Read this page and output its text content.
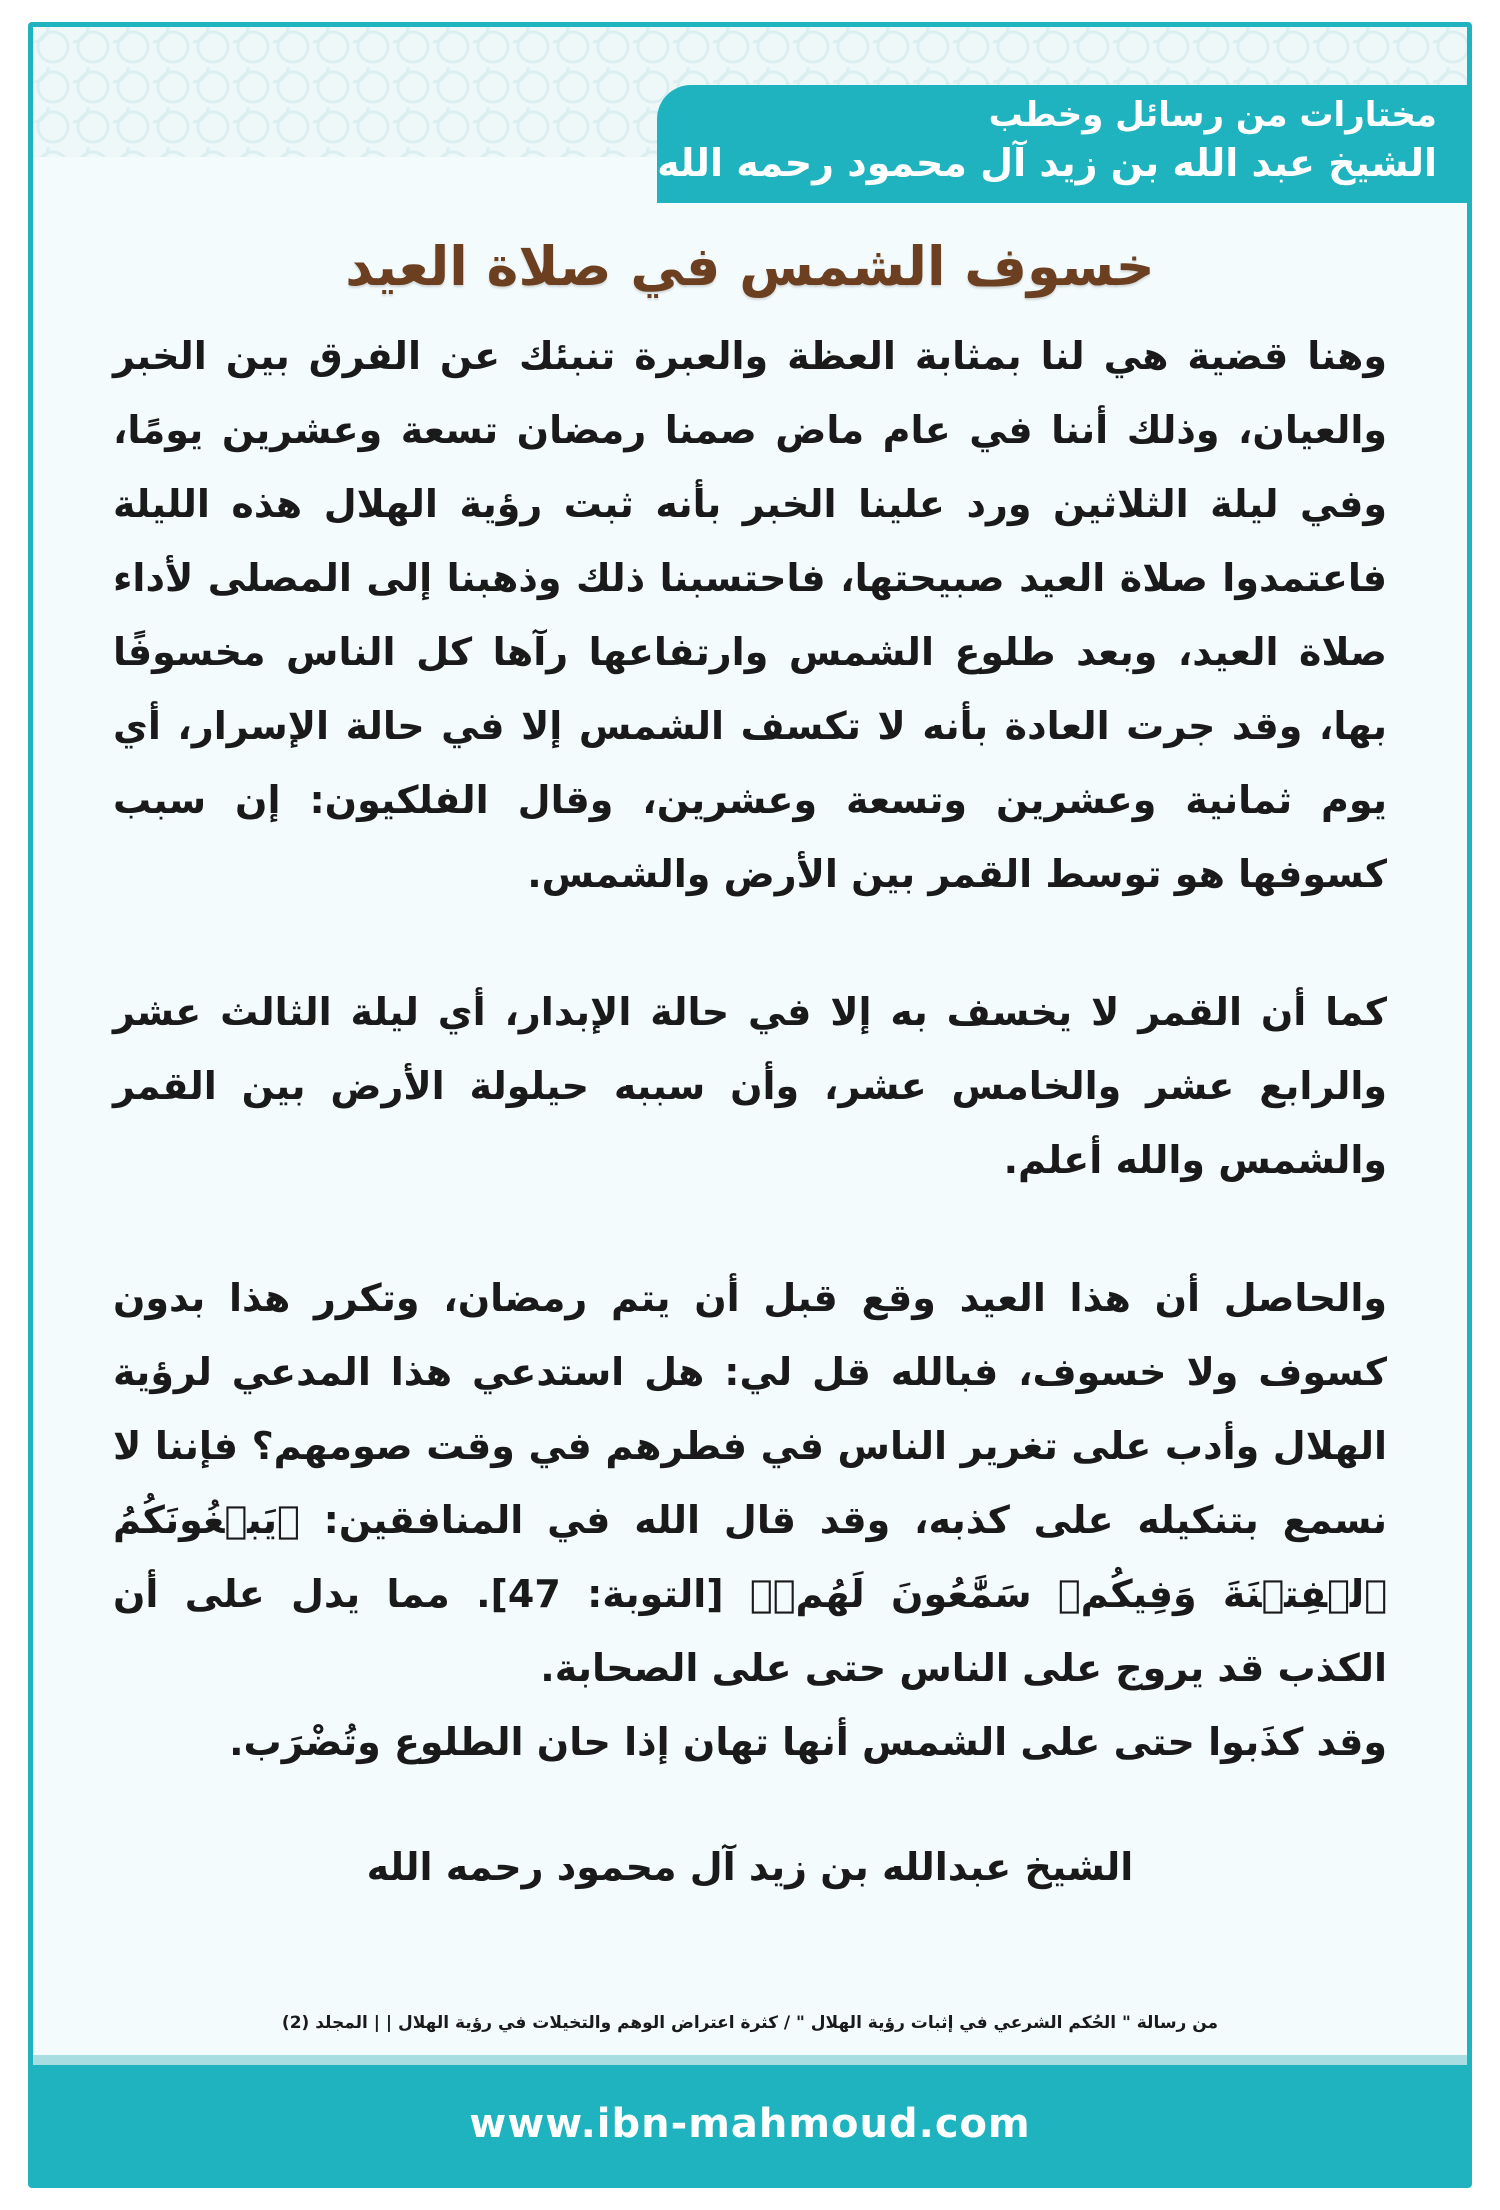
مختارات من رسائل وخطب
الشيخ عبد الله بن زيد آل محمود رحمه الله
خسوف الشمس في صلاة العيد

وهنا قضية هي لنا بمثابة العظة والعبرة تنبئك عن الفرق بين الخبر والعيان، وذلك أننا في عام ماض صمنا رمضان تسعة وعشرين يومًا، وفي ليلة الثلاثين ورد علينا الخبر بأنه ثبت رؤية الهلال هذه الليلة فاعتمدوا صلاة العيد صبيحتها، فاحتسبنا ذلك وذهبنا إلى المصلى لأداء صلاة العيد، وبعد طلوع الشمس وارتفاعها رآها كل الناس مخسوفًا بها، وقد جرت العادة بأنه لا تكسف الشمس إلا في حالة الإسرار، أي يوم ثمانية وعشرين وتسعة وعشرين، وقال الفلكيون: إن سبب كسوفها هو توسط القمر بين الأرض والشمس.

كما أن القمر لا يخسف به إلا في حالة الإبدار، أي ليلة الثالث عشر والرابع عشر والخامس عشر، وأن سببه حيلولة الأرض بين القمر والشمس والله أعلم.

والحاصل أن هذا العيد وقع قبل أن يتم رمضان، وتكرر هذا بدون كسوف ولا خسوف، فبالله قل لي: هل استدعي هذا المدعي لرؤية الهلال وأدب على تغرير الناس في فطرهم في وقت صومهم؟ فإننا لا نسمع بتنكيله على كذبه، وقد قال الله في المنافقين: ﴿يَبۡغُونَكُمُ ٱلۡفِتۡنَةَ وَفِيكُمۡ سَمَّٰعُونَ لَهُمۡ﴾ [التوبة: 47]. مما يدل على أن الكذب قد يروج على الناس حتى على الصحابة.

وقد كذَبوا حتى على الشمس أنها تهان إذا حان الطلوع وتُضْرَب.

الشيخ عبدالله بن زيد آل محمود رحمه الله
من رسالة " الحُكم الشرعي في إثبات رؤية الهلال " / كثرة اعتراض الوهم والتخيلات في رؤية الهلال | | المجلد (2)
www.ibn-mahmoud.com
